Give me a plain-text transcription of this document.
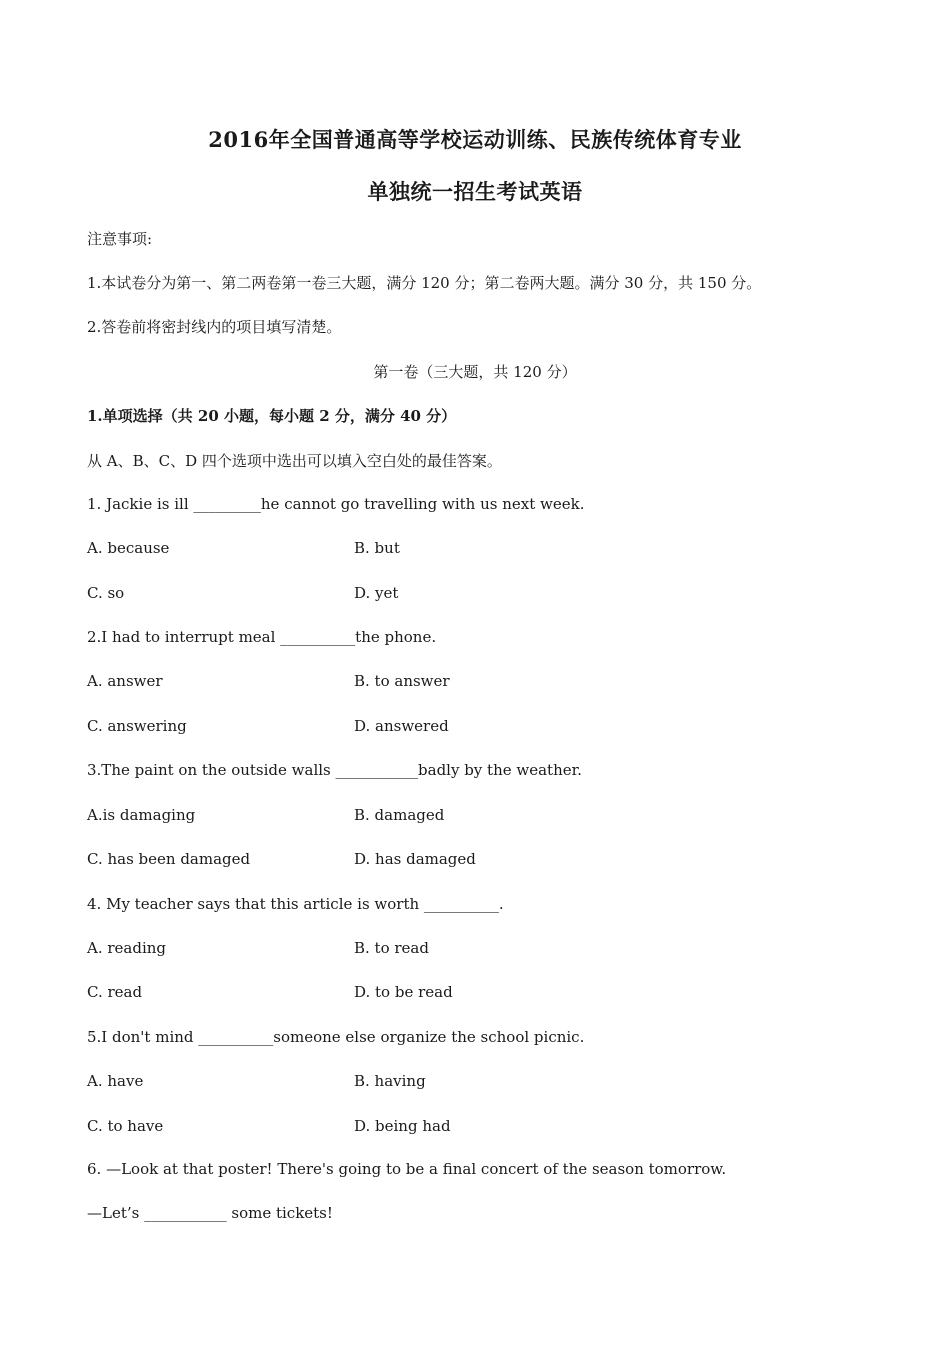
2016年全国普通高等学校运动训练、民族传统体育专业
单独统一招生考试英语
注意事项:
1.本试卷分为第一、第二两卷第一卷三大题，满分 120 分；第二卷两大题。满分 30 分，共 150 分。
2.答卷前将密封线内的项目填写清楚。
第一卷（三大题，共 120 分）
1.单项选择（共 20 小题，每小题 2 分，满分 40 分）
从 A、B、C、D 四个选项中选出可以填入空白处的最佳答案。
1. Jackie is ill _________he cannot go travelling with us next week.
A. because	B. but
C. so	D. yet
2.I had to interrupt meal __________the phone.
A. answer	B. to answer
C. answering	D. answered
3.The paint on the outside walls ___________badly by the weather.
A.is damaging	B. damaged
C. has been damaged	D. has damaged
4. My teacher says that this article is worth __________.
A. reading	B. to read
C. read	D. to be read
5.I don't mind __________someone else organize the school picnic.
A. have	B. having
C. to have	D. being had
6. —Look at that poster! There's going to be a final concert of the season tomorrow.
—Let’s ___________ some tickets!
